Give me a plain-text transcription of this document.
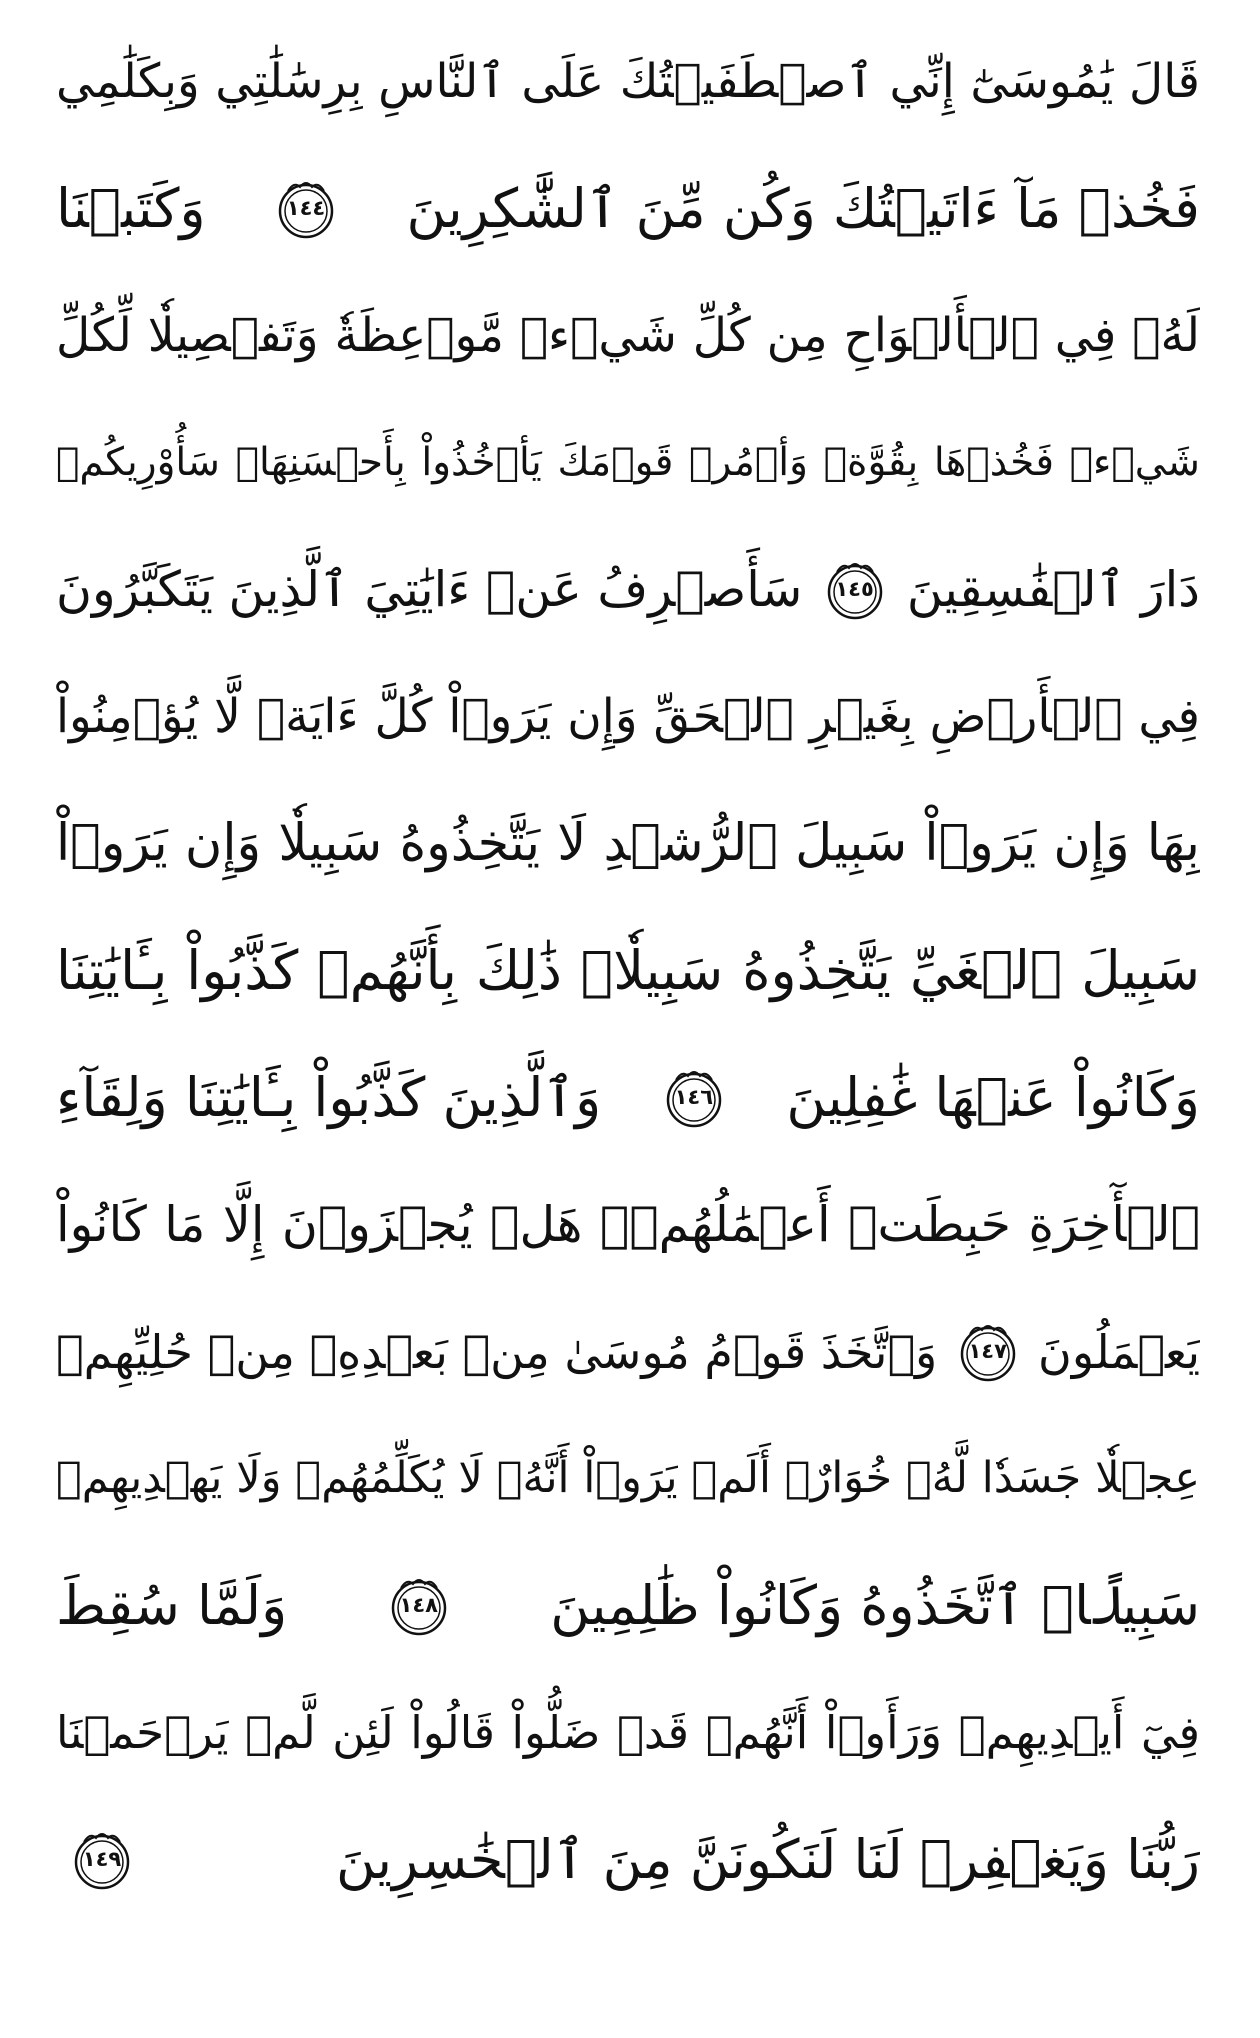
قَالَ يَٰمُوسَىٰٓ إِنِّي ٱصۡطَفَيۡتُكَ عَلَى ٱلنَّاسِ بِرِسَٰلَٰتِي وَبِكَلَٰمِي
فَخُذۡ مَآ ءَاتَيۡتُكَ وَكُن مِّنَ ٱلشَّٰكِرِينَ
١٤٤
وَكَتَبۡنَا
لَهُۥ فِي ٱلۡأَلۡوَاحِ مِن كُلِّ شَيۡءٖ مَّوۡعِظَةٗ وَتَفۡصِيلٗا لِّكُلِّ
شَيۡءٖ فَخُذۡهَا بِقُوَّةٖ وَأۡمُرۡ قَوۡمَكَ يَأۡخُذُواْ بِأَحۡسَنِهَاۚ سَأُوْرِيكُمۡ
دَارَ ٱلۡفَٰسِقِينَ
١٤٥
سَأَصۡرِفُ عَنۡ ءَايَٰتِيَ ٱلَّذِينَ يَتَكَبَّرُونَ
فِي ٱلۡأَرۡضِ بِغَيۡرِ ٱلۡحَقِّ وَإِن يَرَوۡاْ كُلَّ ءَايَةٖ لَّا يُؤۡمِنُواْ
بِهَا وَإِن يَرَوۡاْ سَبِيلَ ٱلرُّشۡدِ لَا يَتَّخِذُوهُ سَبِيلٗا وَإِن يَرَوۡاْ
سَبِيلَ ٱلۡغَيِّ يَتَّخِذُوهُ سَبِيلٗاۚ ذَٰلِكَ بِأَنَّهُمۡ كَذَّبُواْ بِـَٔايَٰتِنَا
وَكَانُواْ عَنۡهَا غَٰفِلِينَ
١٤٦
وَٱلَّذِينَ كَذَّبُواْ بِـَٔايَٰتِنَا وَلِقَآءِ
ٱلۡأٓخِرَةِ حَبِطَتۡ أَعۡمَٰلُهُمۡۚ هَلۡ يُجۡزَوۡنَ إِلَّا مَا كَانُواْ
يَعۡمَلُونَ
١٤٧
وَٱتَّخَذَ قَوۡمُ مُوسَىٰ مِنۢ بَعۡدِهِۦ مِنۡ حُلِيِّهِمۡ
عِجۡلٗا جَسَدٗا لَّهُۥ خُوَارٌۚ أَلَمۡ يَرَوۡاْ أَنَّهُۥ لَا يُكَلِّمُهُمۡ وَلَا يَهۡدِيهِمۡ
سَبِيلًاۘ ٱتَّخَذُوهُ وَكَانُواْ ظَٰلِمِينَ
١٤٨
وَلَمَّا سُقِطَ
فِيٓ أَيۡدِيهِمۡ وَرَأَوۡاْ أَنَّهُمۡ قَدۡ ضَلُّواْ قَالُواْ لَئِن لَّمۡ يَرۡحَمۡنَا
رَبُّنَا وَيَغۡفِرۡ لَنَا لَنَكُونَنَّ مِنَ ٱلۡخَٰسِرِينَ
١٤٩
